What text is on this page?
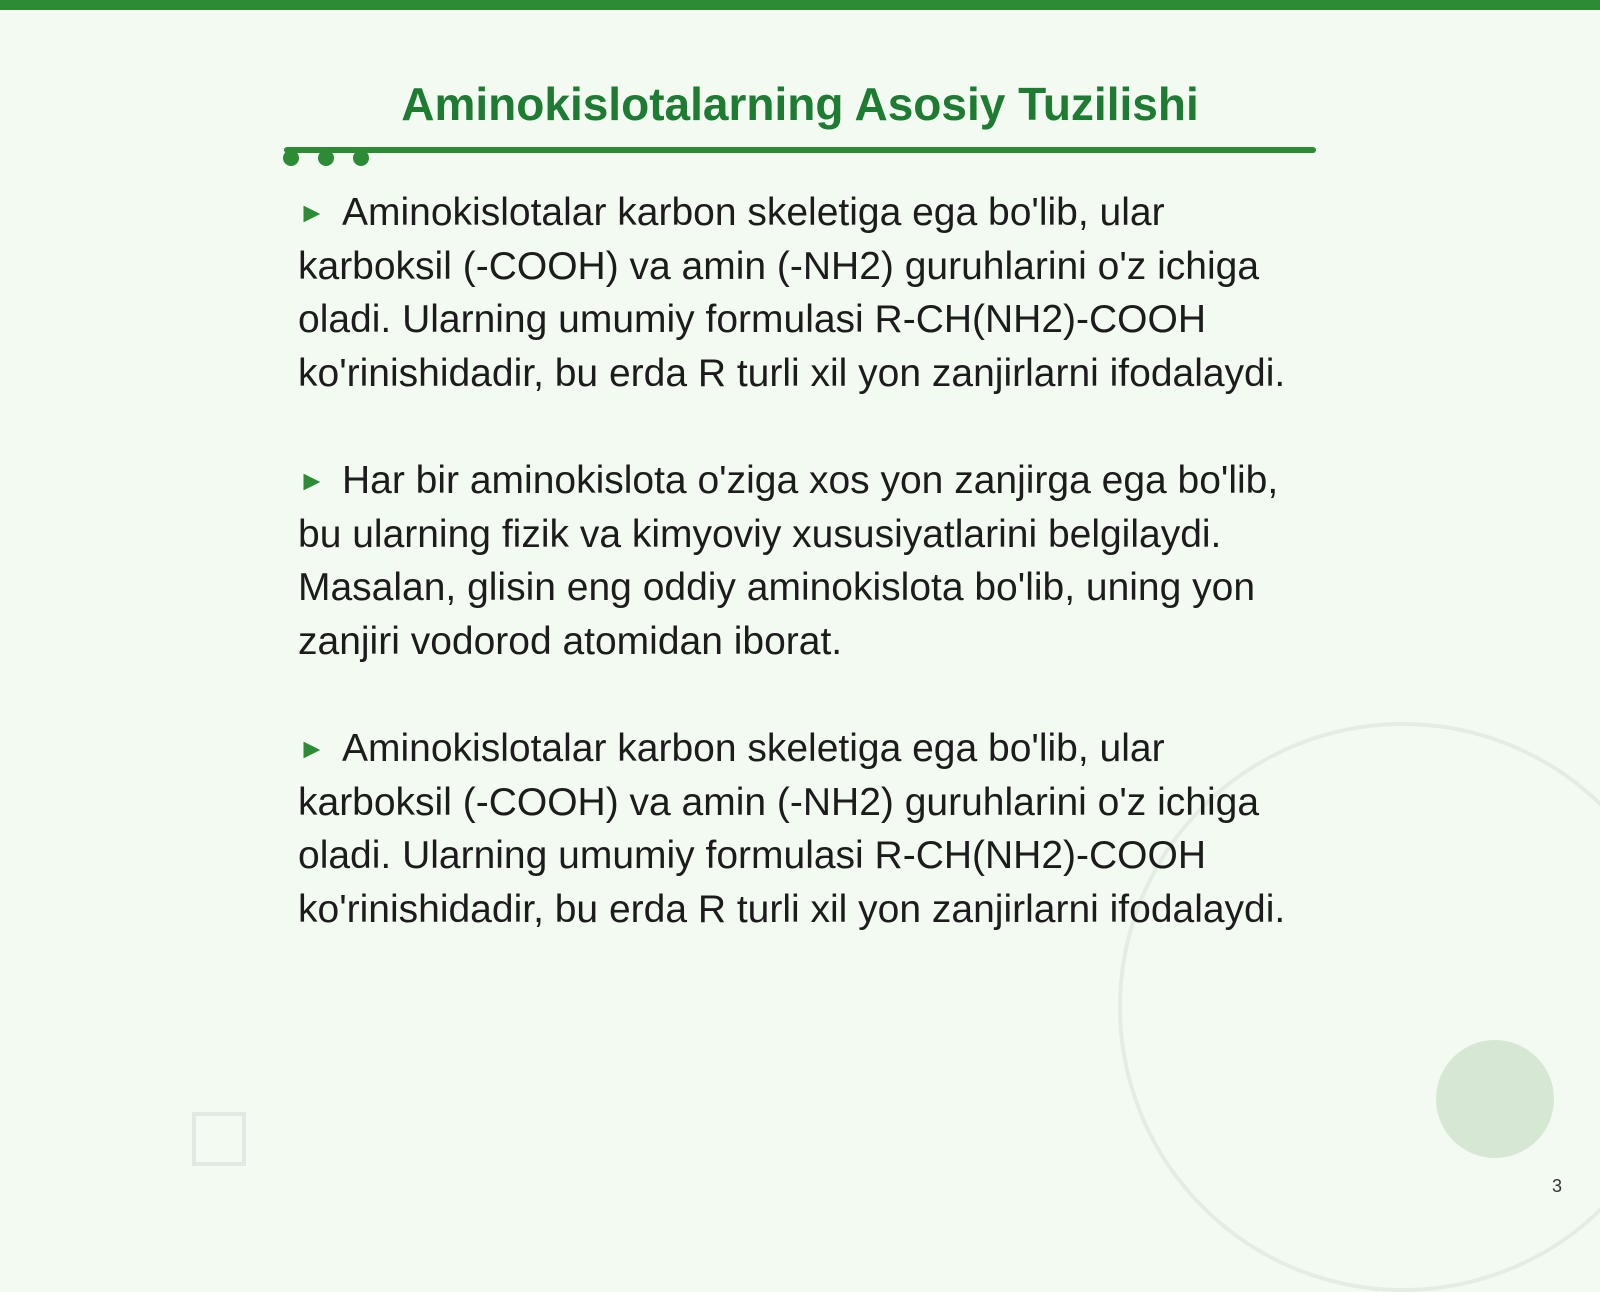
Aminokislotalarning Asosiy Tuzilishi

► Aminokislotalar karbon skeletiga ega bo'lib, ular karboksil (-COOH) va amin (-NH2) guruhlarini o'z ichiga oladi. Ularning umumiy formulasi R-CH(NH2)-COOH ko'rinishidadir, bu erda R turli xil yon zanjirlarni ifodalaydi.

► Har bir aminokislota o'ziga xos yon zanjirga ega bo'lib, bu ularning fizik va kimyoviy xususiyatlarini belgilaydi. Masalan, glisin eng oddiy aminokislota bo'lib, uning yon zanjiri vodorod atomidan iborat.

► Aminokislotalar karbon skeletiga ega bo'lib, ular karboksil (-COOH) va amin (-NH2) guruhlarini o'z ichiga oladi. Ularning umumiy formulasi R-CH(NH2)-COOH ko'rinishidadir, bu erda R turli xil yon zanjirlarni ifodalaydi.

3
